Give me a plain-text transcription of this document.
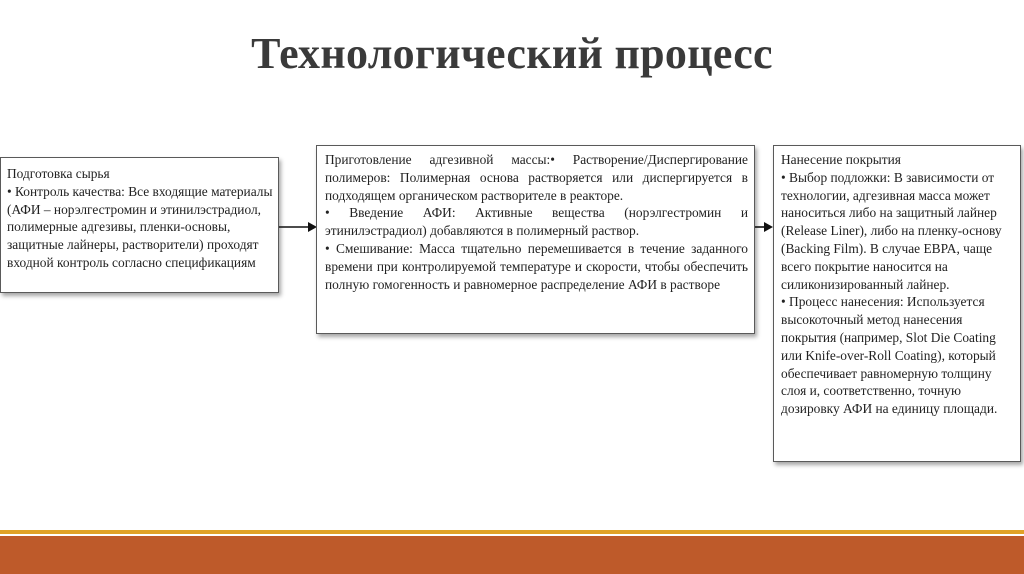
Технологический процесс

Подготовка сырья

• Контроль качества: Все входящие материалы (АФИ – норэлгестромин и этинилэстрадиол, полимерные адгезивы, пленки-основы, защитные лайнеры, растворители) проходят входной контроль согласно спецификациям

Приготовление адгезивной массы:• Растворение/Диспергирование полимеров: Полимерная основа растворяется или диспергируется в подходящем органическом растворителе в реакторе.

• Введение АФИ: Активные вещества (норэлгестромин и этинилэстрадиол) добавляются в полимерный раствор.

• Смешивание: Масса тщательно перемешивается в течение заданного времени при контролируемой температуре и скорости, чтобы обеспечить полную гомогенность и равномерное распределение АФИ в растворе

Нанесение покрытия

• Выбор подложки: В зависимости от технологии, адгезивная масса может наноситься либо на защитный лайнер (Release Liner), либо на пленку-основу (Backing Film). В случае EBPA, чаще всего покрытие наносится на силиконизированный лайнер.

• Процесс нанесения: Используется высокоточный метод нанесения покрытия (например, Slot Die Coating или Knife-over-Roll Coating), который обеспечивает равномерную толщину слоя и, соответственно, точную дозировку АФИ на единицу площади.
